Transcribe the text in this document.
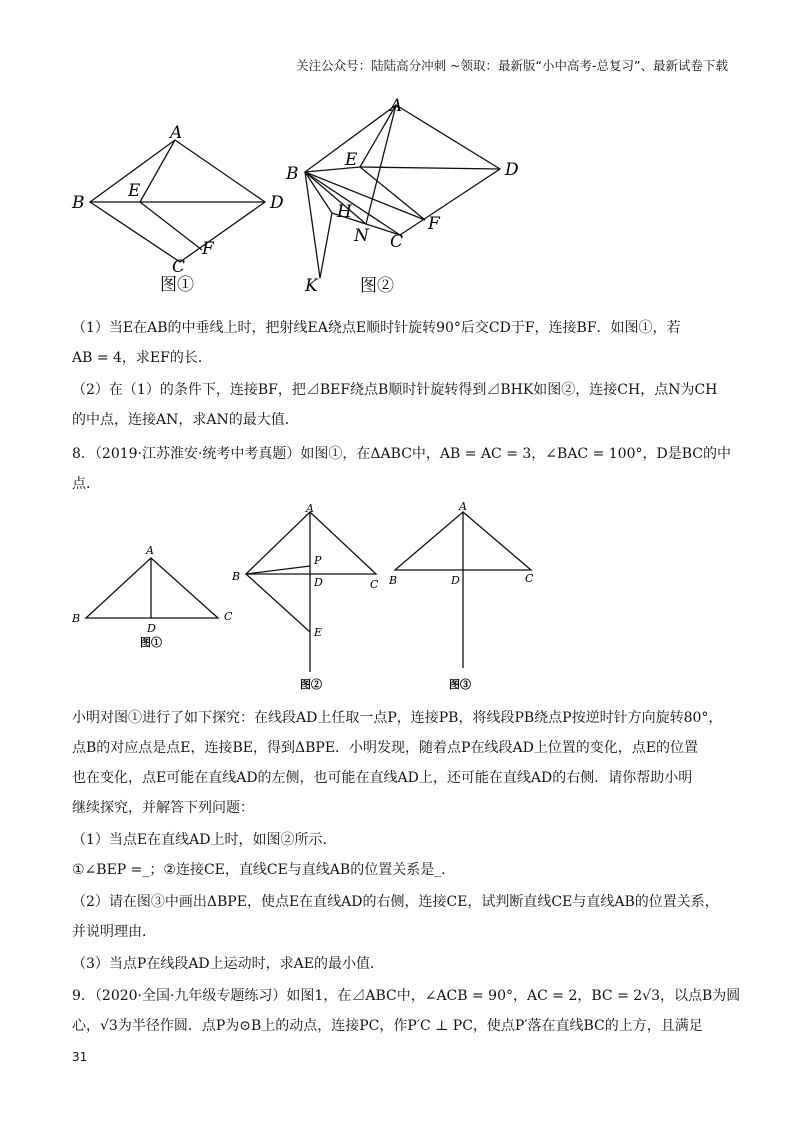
关注公众号：陆陆高分冲刺 ~领取：最新版“小中高考-总复习”、最新试卷下载
A
B
E
D
F
C
图①
A
B
E	D
F
H
N C
K 图②
（1）当E在AB的中垂线上时，把射线EA绕点E顺时针旋转90°后交CD于F，连接BF．如图①，若
AB = 4，求EF的长．
（2）在（1）的条件下，连接BF，把⊿BEF绕点B顺时针旋转得到⊿BHK如图②，连接CH，点N为CH
的中点，连接AN，求AN的最大值．
8．（2019·江苏淮安·统考中考真题）如图①，在ΔABC中，AB = AC = 3，∠BAC = 100°，D是BC的中
点．
A
B	C
D
图①
A
B
P
D	C
E
图②
A
B	D	C
图③
小明对图①进行了如下探究：在线段AD上任取一点P，连接PB，将线段PB绕点P按逆时针方向旋转80°，
点B的对应点是点E，连接BE，得到ΔBPE．小明发现，随着点P在线段AD上位置的变化，点E的位置
也在变化，点E可能在直线AD的左侧，也可能在直线AD上，还可能在直线AD的右侧．请你帮助小明
继续探究，并解答下列问题：
（1）当点E在直线AD上时，如图②所示．
①∠BEP =_；②连接CE，直线CE与直线AB的位置关系是_．
（2）请在图③中画出ΔBPE，使点E在直线AD的右侧，连接CE，试判断直线CE与直线AB的位置关系，
并说明理由．
（3）当点P在线段AD上运动时，求AE的最小值．
9．（2020·全国·九年级专题练习）如图1，在⊿ABC中，∠ACB = 90°，AC = 2，BC = 2√3，以点B为圆
心，√3为半径作圆．点P为⊙B上的动点，连接PC，作P′C ⊥ PC，使点P′落在直线BC的上方，且满足
31
